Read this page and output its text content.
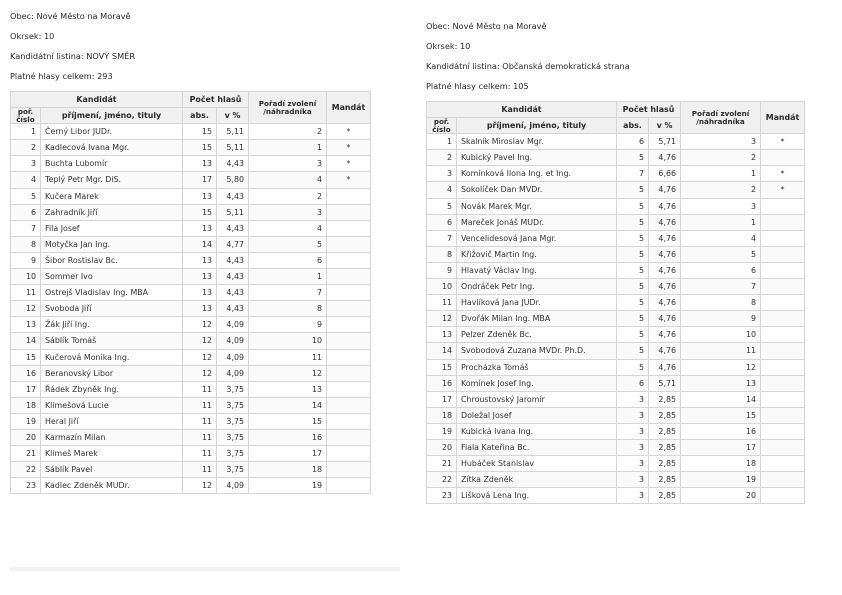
Obec: Nové Město na Moravě
Okrsek: 10
Kandidátní listina: NOVÝ SMĚR
Platné hlasy celkem: 293
Kandidát		Počet hlasů		Pořadí zvolení /náhradníka	Mandát
poř. číslo	příjmení, jméno, tituly	abs.	v %		
1	Černý Libor JUDr.	15	5,11	2	*
2	Kadlecová Ivana Mgr.	15	5,11	1	*
3	Buchta Lubomír	13	4,43	3	*
4	Teplý Petr Mgr. DiS.	17	5,80	4	*
5	Kučera Marek	13	4,43	2	
6	Zahradník Jiří	15	5,11	3	
7	Fila Josef	13	4,43	4	
8	Motyčka Jan Ing.	14	4,77	5	
9	Šibor Rostislav Bc.	13	4,43	6	
10	Sommer Ivo	13	4,43	1	
11	Ostrejš Vladislav Ing. MBA	13	4,43	7	
12	Svoboda Jiří	13	4,43	8	
13	Žák Jiří Ing.	12	4,09	9	
14	Sáblík Tomáš	12	4,09	10	
15	Kučerová Monika Ing.	12	4,09	11	
16	Beranovský Libor	12	4,09	12	
17	Řádek Zbyněk Ing.	11	3,75	13	
18	Klimešová Lucie	11	3,75	14	
19	Heral Jiří	11	3,75	15	
20	Karmazín Milan	11	3,75	16	
21	Klimeš Marek	11	3,75	17	
22	Sáblík Pavel	11	3,75	18	
23	Kadlec Zdeněk MUDr.	12	4,09	19	
Obec: Nové Město na Moravě
Okrsek: 10
Kandidátní listina: Občanská demokratická strana
Platné hlasy celkem: 105
Kandidát		Počet hlasů		Pořadí zvolení /náhradníka	Mandát
poř. číslo	příjmení, jméno, tituly	abs.	v %		
1	Skalník Miroslav Mgr.	6	5,71	3	*
2	Kubický Pavel Ing.	5	4,76	2	
3	Komínková Ilona Ing. et Ing.	7	6,66	1	*
4	Sokolíček Dan MVDr.	5	4,76	2	*
5	Novák Marek Mgr.	5	4,76	3	
6	Mareček Jonáš MUDr.	5	4,76	1	
7	Vencelidesová Jana Mgr.	5	4,76	4	
8	Křižovič Martin Ing.	5	4,76	5	
9	Hlavatý Václav Ing.	5	4,76	6	
10	Ondráček Petr Ing.	5	4,76	7	
11	Havlíková Jana JUDr.	5	4,76	8	
12	Dvořák Milan Ing. MBA	5	4,76	9	
13	Pelzer Zdeněk Bc.	5	4,76	10	
14	Svobodová Zuzana MVDr. Ph.D.	5	4,76	11	
15	Procházka Tomáš	5	4,76	12	
16	Komínek Josef Ing.	6	5,71	13	
17	Chroustovský Jaromír	3	2,85	14	
18	Doležal Josef	3	2,85	15	
19	Kubická Ivana Ing.	3	2,85	16	
20	Fiala Kateřina Bc.	3	2,85	17	
21	Hubáček Stanislav	3	2,85	18	
22	Zítka Zdeněk	3	2,85	19	
23	Lišková Lena Ing.	3	2,85	20	
